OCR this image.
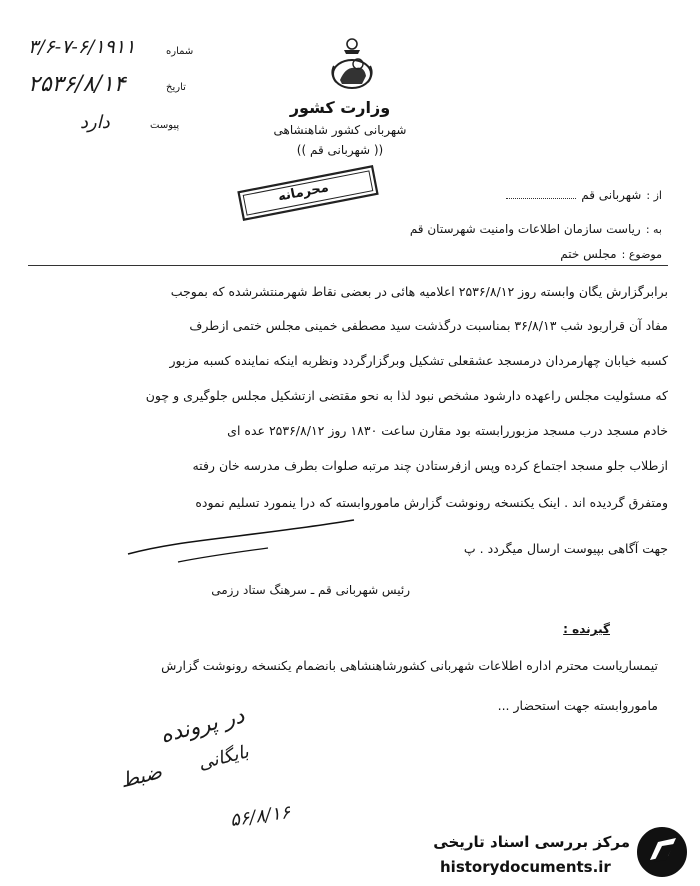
وزارت کشور
شهربانی کشور شاهنشاهی
(( شهربانی قم ))
۳/۶-۷-۶/۱۹۱۱	شماره
۲۵۳۶/۸/۱۴	تاریخ
دارد	پیوست
محرمانه	از : شهربانی قم
به : ریاست سازمان اطلاعات وامنیت شهرستان قم
موضوع : مجلس ختم
برابرگزارش یگان وابسته روز ۲۵۳۶/۸/۱۲ اعلامیه هائی در بعضی نقاط شهرمنتشرشده که بموجب
مفاد آن قراربود شب ۳۶/۸/۱۳ بمناسبت درگذشت سید مصطفی خمینی مجلس ختمی ازطرف
کسبه خیابان چهارمردان درمسجد عشقعلی تشکیل وبرگزارگردد ونظربه اینکه نماینده کسبه مزبور
که مسئولیت مجلس راعهده دارشود مشخص نبود لذا به نحو مقتضی ازتشکیل مجلس جلوگیری و چون
خادم مسجد درب مسجد مزبوررابسته بود مقارن ساعت ۱۸۳۰ روز ۲۵۳۶/۸/۱۲ عده ای
ازطلاب جلو مسجد اجتماع کرده وپس ازفرستادن چند مرتبه صلوات بطرف مدرسه خان رفته
ومتفرق گردیده اند . اینک یکنسخه رونوشت گزارش ماموروابسته که درا ینمورد تسلیم نموده
جهت آگاهی بپیوست ارسال میگردد . پ
رئیس شهربانی قم ـ سرهنگ ستاد رزمی
گیرنده :
تیمساریاست محترم اداره اطلاعات شهربانی کشورشاهنشاهی بانضمام یکنسخه رونوشت گزارش
ماموروابسته جهت استحضار ...
در پرونده
ضبط
بایگانی
۵۶/۸/۱۶
مرکز بررسی اسناد تاریخی
historydocuments.ir
